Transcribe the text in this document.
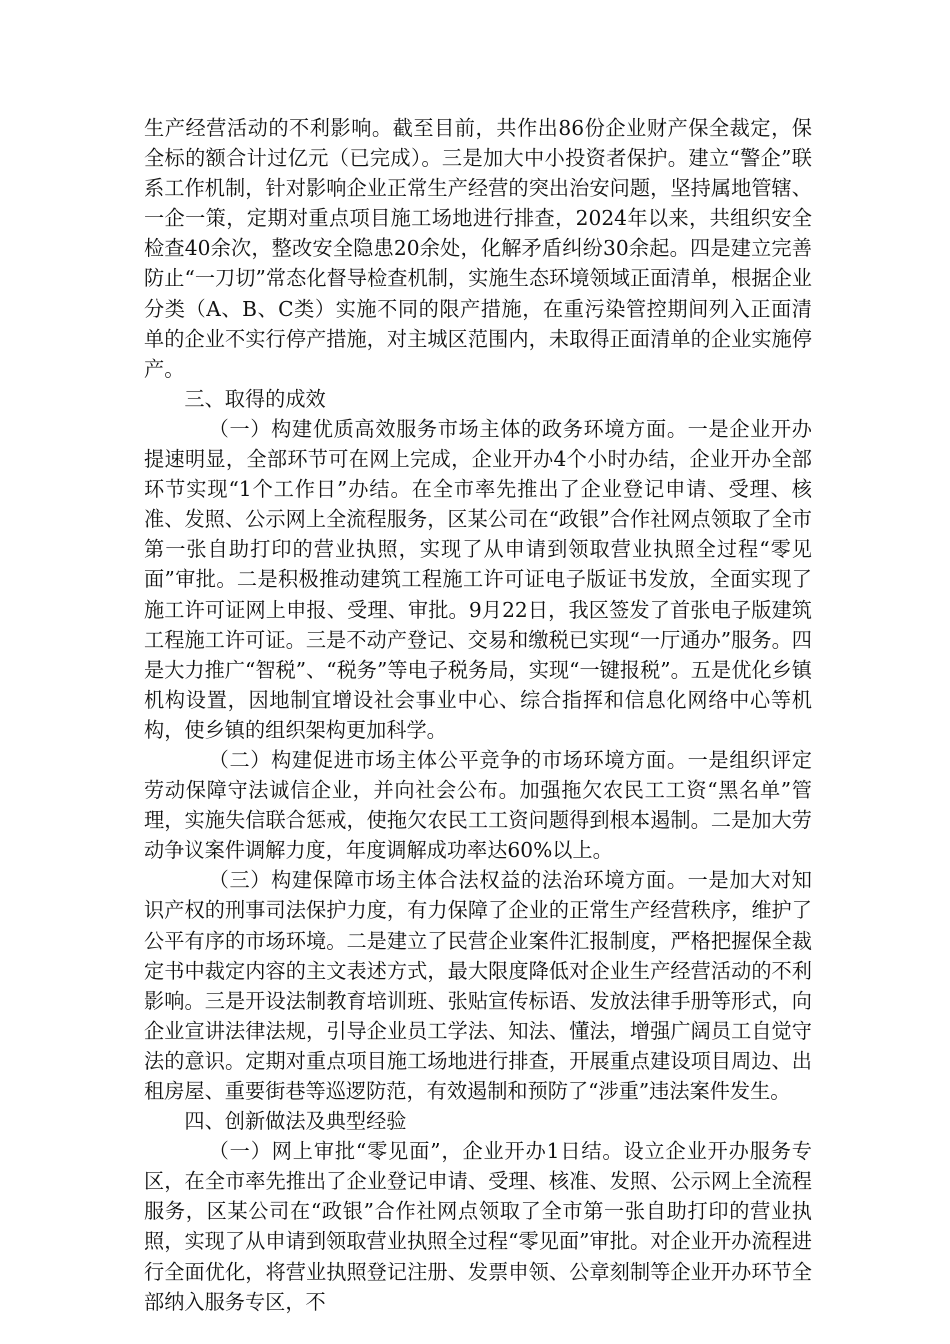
生产经营活动的不利影响。截至目前，共作出86份企业财产保全裁定，保全标的额合计过亿元（已完成）。三是加大中小投资者保护。建立“警企”联系工作机制，针对影响企业正常生产经营的突出治安问题，坚持属地管辖、一企一策，定期对重点项目施工场地进行排查，2024年以来，共组织安全检查40余次，整改安全隐患20余处，化解矛盾纠纷30余起。四是建立完善防止“一刀切”常态化督导检查机制，实施生态环境领域正面清单，根据企业分类（A、B、C类）实施不同的限产措施，在重污染管控期间列入正面清单的企业不实行停产措施，对主城区范围内，未取得正面清单的企业实施停产。

三、取得的成效

（一）构建优质高效服务市场主体的政务环境方面。一是企业开办提速明显，全部环节可在网上完成，企业开办4个小时办结，企业开办全部环节实现“1个工作日”办结。在全市率先推出了企业登记申请、受理、核准、发照、公示网上全流程服务，区某公司在“政银”合作社网点领取了全市第一张自助打印的营业执照，实现了从申请到领取营业执照全过程“零见面”审批。二是积极推动建筑工程施工许可证电子版证书发放，全面实现了施工许可证网上申报、受理、审批。9月22日，我区签发了首张电子版建筑工程施工许可证。三是不动产登记、交易和缴税已实现“一厅通办”服务。四是大力推广“智税”、“税务”等电子税务局，实现“一键报税”。五是优化乡镇机构设置，因地制宜增设社会事业中心、综合指挥和信息化网络中心等机构，使乡镇的组织架构更加科学。

（二）构建促进市场主体公平竞争的市场环境方面。一是组织评定劳动保障守法诚信企业，并向社会公布。加强拖欠农民工工资“黑名单”管理，实施失信联合惩戒，使拖欠农民工工资问题得到根本遏制。二是加大劳动争议案件调解力度，年度调解成功率达60%以上。

（三）构建保障市场主体合法权益的法治环境方面。一是加大对知识产权的刑事司法保护力度，有力保障了企业的正常生产经营秩序，维护了公平有序的市场环境。二是建立了民营企业案件汇报制度，严格把握保全裁定书中裁定内容的主文表述方式，最大限度降低对企业生产经营活动的不利影响。三是开设法制教育培训班、张贴宣传标语、发放法律手册等形式，向企业宣讲法律法规，引导企业员工学法、知法、懂法，增强广阔员工自觉守法的意识。定期对重点项目施工场地进行排查，开展重点建设项目周边、出租房屋、重要街巷等巡逻防范，有效遏制和预防了“涉重”违法案件发生。

四、创新做法及典型经验

（一）网上审批“零见面”，企业开办1日结。设立企业开办服务专区，在全市率先推出了企业登记申请、受理、核准、发照、公示网上全流程服务，区某公司在“政银”合作社网点领取了全市第一张自助打印的营业执照，实现了从申请到领取营业执照全过程“零见面”审批。对企业开办流程进行全面优化，将营业执照登记注册、发票申领、公章刻制等企业开办环节全部纳入服务专区，不
